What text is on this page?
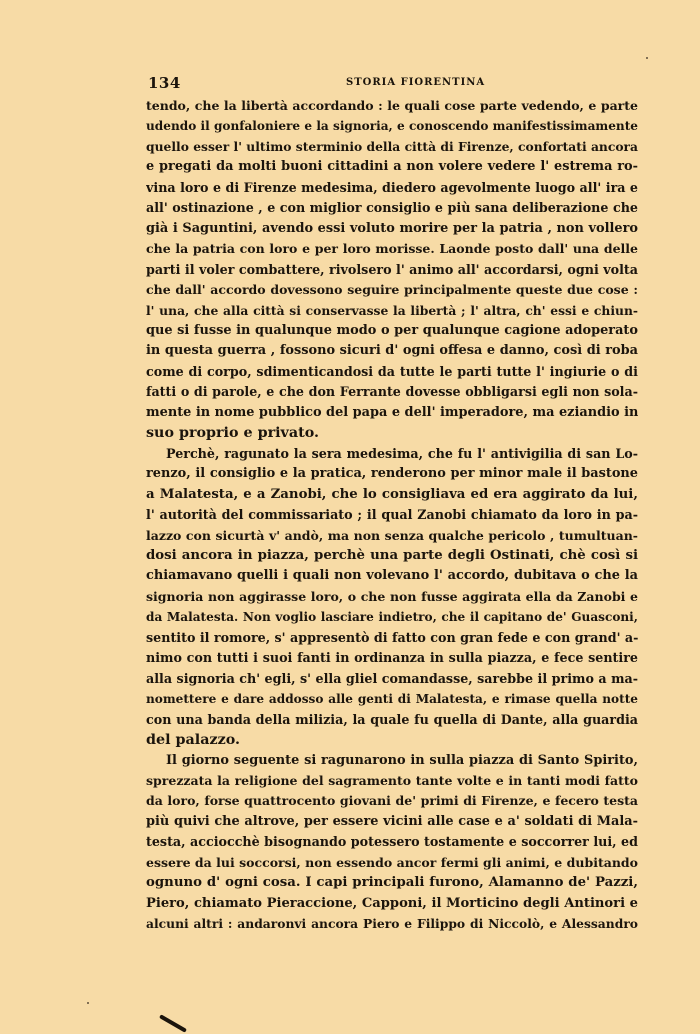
134	STORIA FIORENTINA
tendo, che la libertà accordando : le quali cose parte vedendo, e parte
udendo il gonfaloniere e la signoria, e conoscendo manifestissimamente
quello esser l' ultimo sterminio della città di Firenze, confortati ancora
e pregati da molti buoni cittadini a non volere vedere l' estrema ro-
vina loro e di Firenze medesima, diedero agevolmente luogo all' ira e
all' ostinazione , e con miglior consiglio e più sana deliberazione che
già i Saguntini, avendo essi voluto morire per la patria , non vollero
che la patria con loro e per loro morisse. Laonde posto dall' una delle
parti il voler combattere, rivolsero l' animo all' accordarsi, ogni volta
che dall' accordo dovessono seguire principalmente queste due cose :
l' una, che alla città si conservasse la libertà ; l' altra, ch' essi e chiun-
que si fusse in qualunque modo o per qualunque cagione adoperato
in questa guerra , fossono sicuri d' ogni offesa e danno, così di roba
come di corpo, sdimenticandosi da tutte le parti tutte l' ingiurie o di
fatti o di parole, e che don Ferrante dovesse obbligarsi egli non sola-
mente in nome pubblico del papa e dell' imperadore, ma eziandio in
suo proprio e privato.
Perchè, ragunato la sera medesima, che fu l' antivigilia di san Lo-
renzo, il consiglio e la pratica, renderono per minor male il bastone
a Malatesta, e a Zanobi, che lo consigliava ed era aggirato da lui,
l' autorità del commissariato ; il qual Zanobi chiamato da loro in pa-
lazzo con sicurtà v' andò, ma non senza qualche pericolo , tumultuan-
dosi ancora in piazza, perchè una parte degli Ostinati, chè così si
chiamavano quelli i quali non volevano l' accordo, dubitava o che la
signoria non aggirasse loro, o che non fusse aggirata ella da Zanobi e
da Malatesta. Non voglio lasciare indietro, che il capitano de' Guasconi,
sentito il romore, s' appresentò di fatto con gran fede e con grand' a-
nimo con tutti i suoi fanti in ordinanza in sulla piazza, e fece sentire
alla signoria ch' egli, s' ella gliel comandasse, sarebbe il primo a ma-
nomettere e dare addosso alle genti di Malatesta, e rimase quella notte
con una banda della milizia, la quale fu quella di Dante, alla guardia
del palazzo.
Il giorno seguente si ragunarono in sulla piazza di Santo Spirito,
sprezzata la religione del sagramento tante volte e in tanti modi fatto
da loro, forse quattrocento giovani de' primi di Firenze, e fecero testa
più quivi che altrove, per essere vicini alle case e a' soldati di Mala-
testa, acciocchè bisognando potessero tostamente e soccorrer lui, ed
essere da lui soccorsi, non essendo ancor fermi gli animi, e dubitando
ognuno d' ogni cosa. I capi principali furono, Alamanno de' Pazzi,
Piero, chiamato Pieraccione, Capponi, il Morticino degli Antinori e
alcuni altri : andaronvi ancora Piero e Filippo di Niccolò, e Alessandro
